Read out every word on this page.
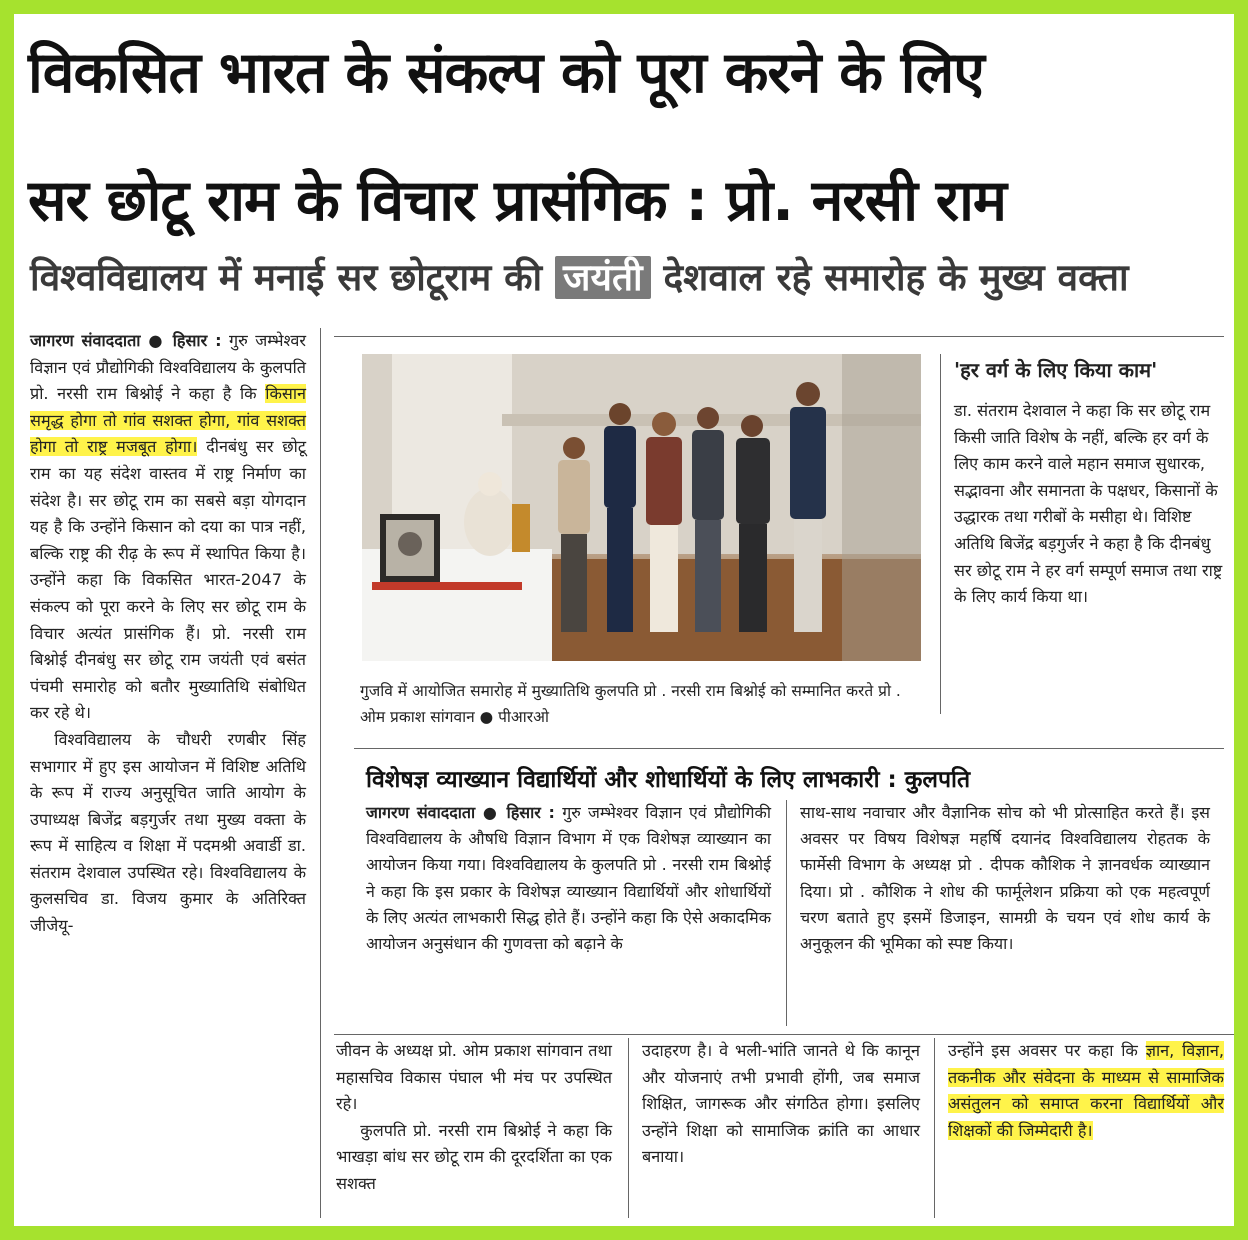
विकसित भारत के संकल्प को पूरा करने के लिए
सर छोटू राम के विचार प्रासंगिक : प्रो. नरसी राम
विश्वविद्यालय में मनाई सर छोटूराम की जयंती देशवाल रहे समारोह के मुख्य वक्ता

जागरण संवाददाता ● हिसार : गुरु जम्भेश्वर विज्ञान एवं प्रौद्योगिकी विश्वविद्यालय के कुलपति प्रो. नरसी राम बिश्नोई ने कहा है कि किसान समृद्ध होगा तो गांव सशक्त होगा, गांव सशक्त होगा तो राष्ट्र मजबूत होगा। दीनबंधु सर छोटू राम का यह संदेश वास्तव में राष्ट्र निर्माण का संदेश है। सर छोटू राम का सबसे बड़ा योगदान यह है कि उन्होंने किसान को दया का पात्र नहीं, बल्कि राष्ट्र की रीढ़ के रूप में स्थापित किया है। उन्होंने कहा कि विकसित भारत-2047 के संकल्प को पूरा करने के लिए सर छोटू राम के विचार अत्यंत प्रासंगिक हैं। प्रो. नरसी राम बिश्नोई दीनबंधु सर छोटू राम जयंती एवं बसंत पंचमी समारोह को बतौर मुख्यातिथि संबोधित कर रहे थे।

विश्वविद्यालय के चौधरी रणबीर सिंह सभागार में हुए इस आयोजन में विशिष्ट अतिथि के रूप में राज्य अनुसूचित जाति आयोग के उपाध्यक्ष बिजेंद्र बड़गुर्जर तथा मुख्य वक्ता के रूप में साहित्य व शिक्षा में पदमश्री अवार्डी डा. संतराम देशवाल उपस्थित रहे। विश्वविद्यालय के कुलसचिव डा. विजय कुमार के अतिरिक्त जीजेयू-

गुजवि में आयोजित समारोह में मुख्यातिथि कुलपति प्रो . नरसी राम बिश्नोई को सम्मानित करते प्रो . ओम प्रकाश सांगवान ● पीआरओ
'हर वर्ग के लिए किया काम'

डा. संतराम देशवाल ने कहा कि सर छोटू राम किसी जाति विशेष के नहीं, बल्कि हर वर्ग के लिए काम करने वाले महान समाज सुधारक, सद्भावना और समानता के पक्षधर, किसानों के उद्धारक तथा गरीबों के मसीहा थे। विशिष्ट अतिथि बिजेंद्र बड़गुर्जर ने कहा है कि दीनबंधु सर छोटू राम ने हर वर्ग सम्पूर्ण समाज तथा राष्ट्र के लिए कार्य किया था।

विशेषज्ञ व्याख्यान विद्यार्थियों और शोधार्थियों के लिए लाभकारी : कुलपति

जागरण संवाददाता ● हिसार : गुरु जम्भेश्वर विज्ञान एवं प्रौद्योगिकी विश्वविद्यालय के औषधि विज्ञान विभाग में एक विशेषज्ञ व्याख्यान का आयोजन किया गया। विश्वविद्यालय के कुलपति प्रो . नरसी राम बिश्नोई ने कहा कि इस प्रकार के विशेषज्ञ व्याख्यान विद्यार्थियों और शोधार्थियों के लिए अत्यंत लाभकारी सिद्ध होते हैं। उन्होंने कहा कि ऐसे अकादमिक आयोजन अनुसंधान की गुणवत्ता को बढ़ाने के

साथ-साथ नवाचार और वैज्ञानिक सोच को भी प्रोत्साहित करते हैं। इस अवसर पर विषय विशेषज्ञ महर्षि दयानंद विश्वविद्यालय रोहतक के फार्मेसी विभाग के अध्यक्ष प्रो . दीपक कौशिक ने ज्ञानवर्धक व्याख्यान दिया। प्रो . कौशिक ने शोध की फार्मूलेशन प्रक्रिया को एक महत्वपूर्ण चरण बताते हुए इसमें डिजाइन, सामग्री के चयन एवं शोध कार्य के अनुकूलन की भूमिका को स्पष्ट किया।

जीवन के अध्यक्ष प्रो. ओम प्रकाश सांगवान तथा महासचिव विकास पंघाल भी मंच पर उपस्थित रहे।

कुलपति प्रो. नरसी राम बिश्नोई ने कहा कि भाखड़ा बांध सर छोटू राम की दूरदर्शिता का एक सशक्त

उदाहरण है। वे भली-भांति जानते थे कि कानून और योजनाएं तभी प्रभावी होंगी, जब समाज शिक्षित, जागरूक और संगठित होगा। इसलिए उन्होंने शिक्षा को सामाजिक क्रांति का आधार बनाया।

उन्होंने इस अवसर पर कहा कि ज्ञान, विज्ञान, तकनीक और संवेदना के माध्यम से सामाजिक असंतुलन को समाप्त करना विद्यार्थियों और शिक्षकों की जिम्मेदारी है।
